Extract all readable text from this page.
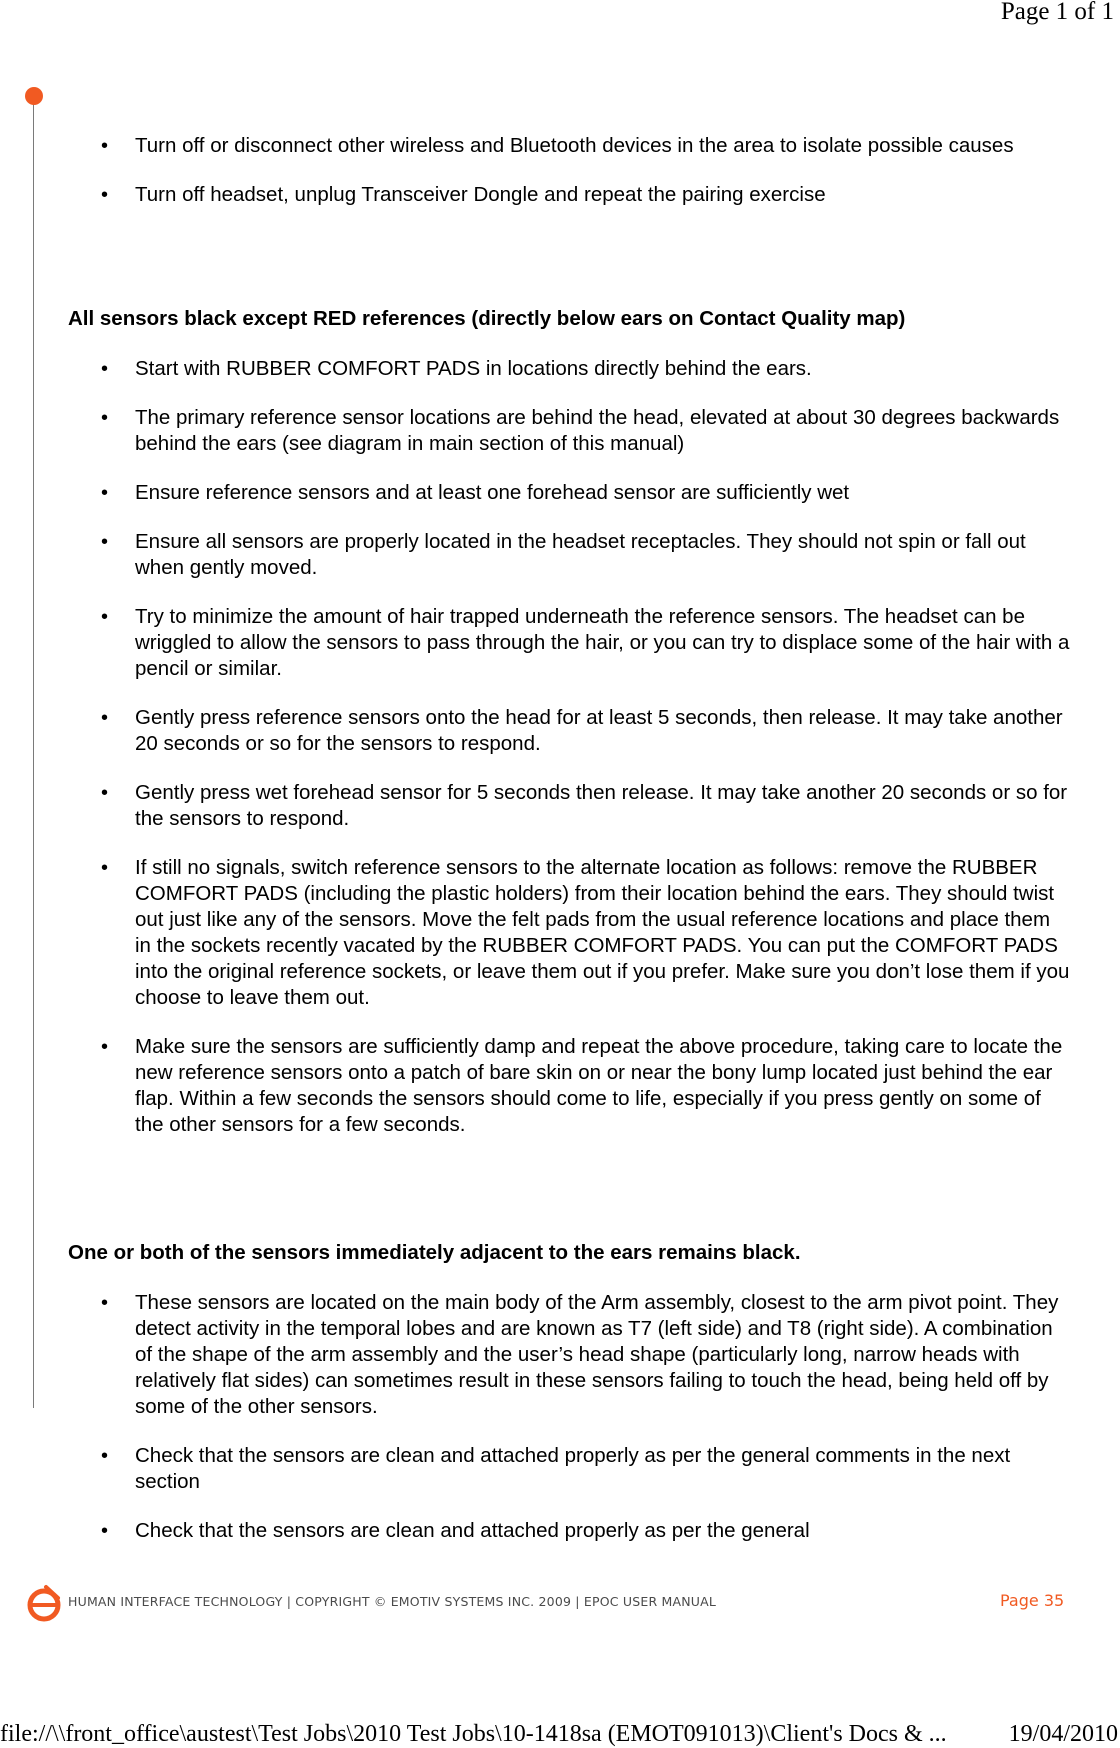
Page 1 of 1
• Turn off or disconnect other wireless and Bluetooth devices in the area to isolate possible causes
• Turn off headset, unplug Transceiver Dongle and repeat the pairing exercise
All sensors black except RED references (directly below ears on Contact Quality map)
• Start with RUBBER COMFORT PADS in locations directly behind the ears.
• The primary reference sensor locations are behind the head, elevated at about 30 degrees backwards behind the ears (see diagram in main section of this manual)
• Ensure reference sensors and at least one forehead sensor are sufficiently wet
• Ensure all sensors are properly located in the headset receptacles. They should not spin or fall out when gently moved.
• Try to minimize the amount of hair trapped underneath the reference sensors. The headset can be wriggled to allow the sensors to pass through the hair, or you can try to displace some of the hair with a pencil or similar.
• Gently press reference sensors onto the head for at least 5 seconds, then release. It may take another 20 seconds or so for the sensors to respond.
• Gently press wet forehead sensor for 5 seconds then release. It may take another 20 seconds or so for the sensors to respond.
• If still no signals, switch reference sensors to the alternate location as follows: remove the RUBBER COMFORT PADS (including the plastic holders) from their location behind the ears. They should twist out just like any of the sensors. Move the felt pads from the usual reference locations and place them in the sockets recently vacated by the RUBBER COMFORT PADS. You can put the COMFORT PADS into the original reference sockets, or leave them out if you prefer. Make sure you don’t lose them if you choose to leave them out.
• Make sure the sensors are sufficiently damp and repeat the above procedure, taking care to locate the new reference sensors onto a patch of bare skin on or near the bony lump located just behind the ear flap. Within a few seconds the sensors should come to life, especially if you press gently on some of the other sensors for a few seconds.
One or both of the sensors immediately adjacent to the ears remains black.
• These sensors are located on the main body of the Arm assembly, closest to the arm pivot point. They detect activity in the temporal lobes and are known as T7 (left side) and T8 (right side). A combination of the shape of the arm assembly and the user’s head shape (particularly long, narrow heads with relatively flat sides) can sometimes result in these sensors failing to touch the head, being held off by some of the other sensors.
• Check that the sensors are clean and attached properly as per the general comments in the next section
• Check that the sensors are clean and attached properly as per the general
HUMAN INTERFACE TECHNOLOGY | COPYRIGHT © EMOTIV SYSTEMS INC. 2009 | EPOC USER MANUAL	Page 35
file://\\front_office\austest\Test Jobs\2010 Test Jobs\10-1418sa (EMOT091013)\Client's Docs & ...	19/04/2010
